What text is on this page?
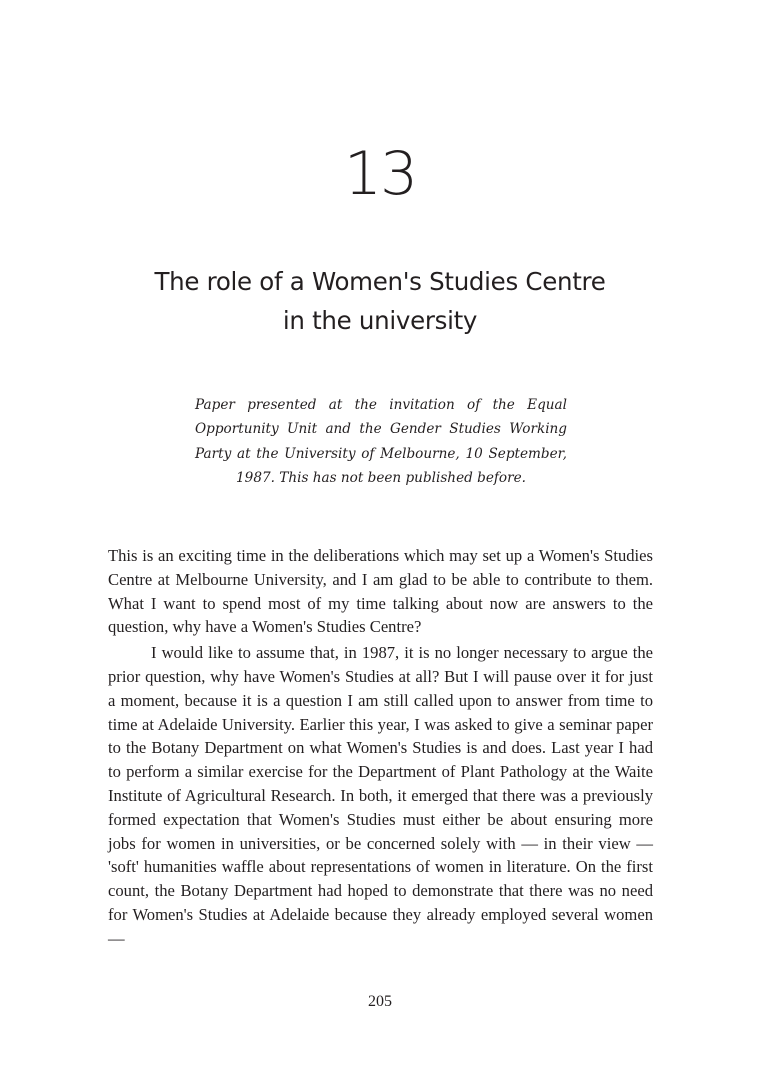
13
The role of a Women's Studies Centre
in the university
Paper presented at the invitation of the Equal Opportunity Unit and the Gender Studies Working Party at the University of Melbourne, 10 September, 1987. This has not been published before.

This is an exciting time in the deliberations which may set up a Women's Studies Centre at Melbourne University, and I am glad to be able to contribute to them. What I want to spend most of my time talking about now are answers to the question, why have a Women's Studies Centre?

I would like to assume that, in 1987, it is no longer necessary to argue the prior question, why have Women's Studies at all? But I will pause over it for just a moment, because it is a question I am still called upon to answer from time to time at Adelaide University. Earlier this year, I was asked to give a seminar paper to the Botany Department on what Women's Studies is and does. Last year I had to perform a similar exercise for the Department of Plant Pathology at the Waite Institute of Agricultural Research. In both, it emerged that there was a previously formed expectation that Women's Studies must either be about ensuring more jobs for women in universities, or be concerned solely with — in their view — 'soft' humanities waffle about representations of women in literature. On the first count, the Botany Department had hoped to demonstrate that there was no need for Women's Studies at Adelaide because they already employed several women —

205
